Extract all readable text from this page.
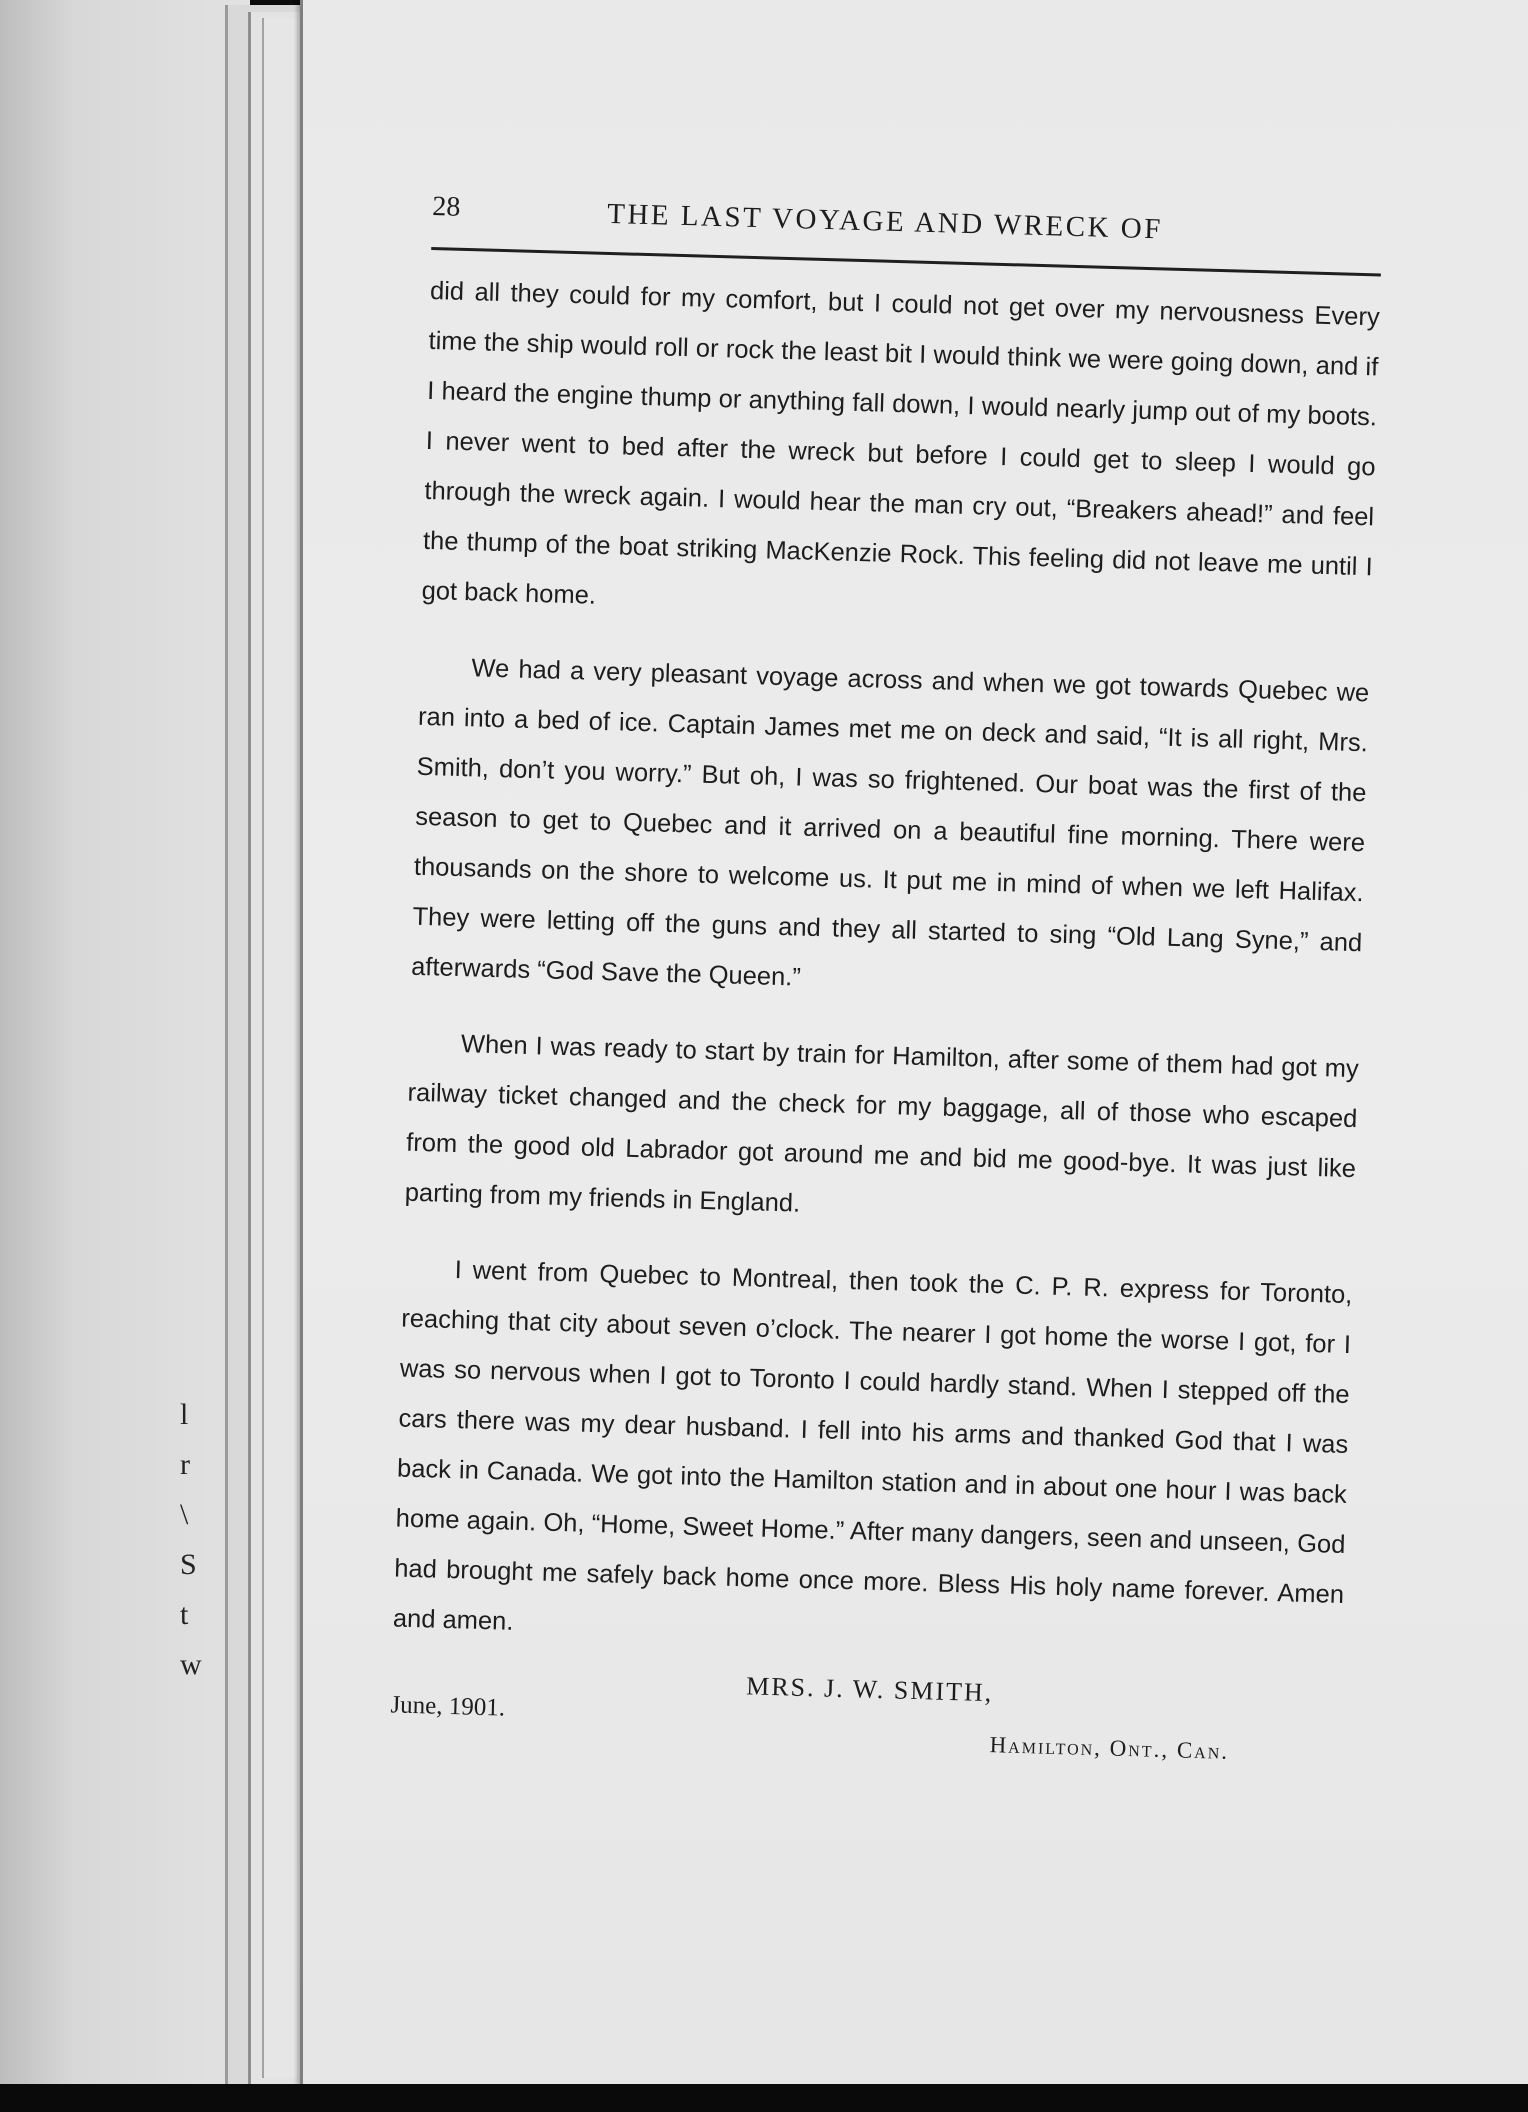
l
r
\
S
t
w
28	THE LAST VOYAGE AND WRECK OF

did all they could for my comfort, but I could not get over my nervousness Every time the ship would roll or rock the least bit I would think we were going down, and if I heard the engine thump or anything fall down, I would nearly jump out of my boots. I never went to bed after the wreck but before I could get to sleep I would go through the wreck again. I would hear the man cry out, “Breakers ahead!” and feel the thump of the boat striking MacKenzie Rock. This feeling did not leave me until I got back home.

We had a very pleasant voyage across and when we got towards Quebec we ran into a bed of ice. Captain James met me on deck and said, “It is all right, Mrs. Smith, don’t you worry.” But oh, I was so frightened. Our boat was the first of the season to get to Quebec and it arrived on a beautiful fine morning. There were thousands on the shore to welcome us. It put me in mind of when we left Halifax. They were letting off the guns and they all started to sing “Old Lang Syne,” and afterwards “God Save the Queen.”

When I was ready to start by train for Hamilton, after some of them had got my railway ticket changed and the check for my baggage, all of those who escaped from the good old Labrador got around me and bid me good-bye. It was just like parting from my friends in England.

I went from Quebec to Montreal, then took the C. P. R. express for Toronto, reaching that city about seven o’clock. The nearer I got home the worse I got, for I was so nervous when I got to Toronto I could hardly stand. When I stepped off the cars there was my dear husband. I fell into his arms and thanked God that I was back in Canada. We got into the Hamilton station and in about one hour I was back home again. Oh, “Home, Sweet Home.” After many dangers, seen and unseen, God had brought me safely back home once more. Bless His holy name forever. Amen and amen.

MRS. J. W. SMITH,
June, 1901.
Hamilton, Ont., Can.
